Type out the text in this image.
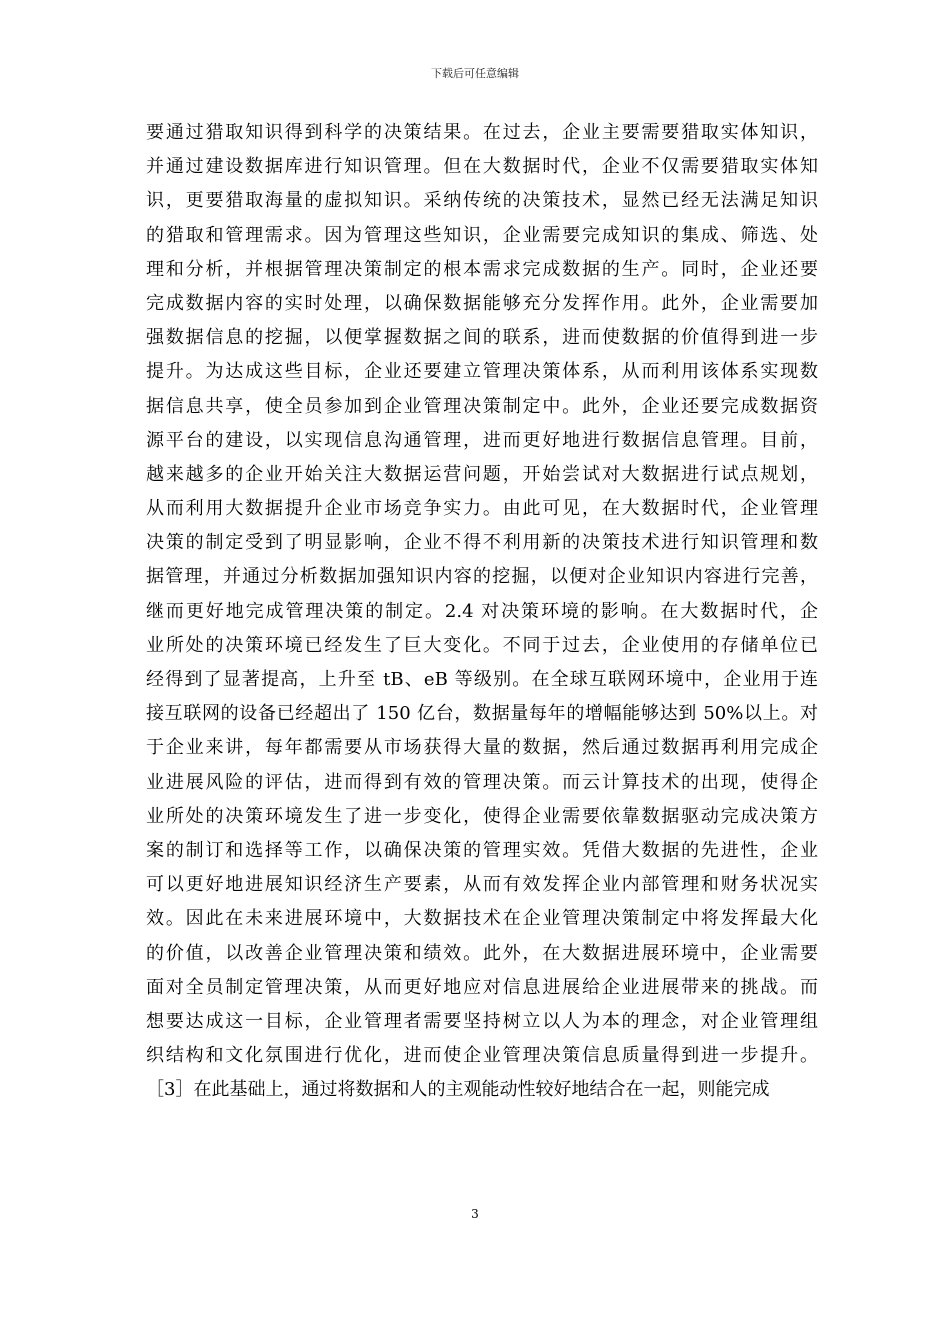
下载后可任意编辑
要通过猎取知识得到科学的决策结果。在过去，企业主要需要猎取实体知识，
并通过建设数据库进行知识管理。但在大数据时代，企业不仅需要猎取实体知
识，更要猎取海量的虚拟知识。采纳传统的决策技术，显然已经无法满足知识
的猎取和管理需求。因为管理这些知识，企业需要完成知识的集成、筛选、处
理和分析，并根据管理决策制定的根本需求完成数据的生产。同时，企业还要
完成数据内容的实时处理，以确保数据能够充分发挥作用。此外，企业需要加
强数据信息的挖掘，以便掌握数据之间的联系，进而使数据的价值得到进一步
提升。为达成这些目标，企业还要建立管理决策体系，从而利用该体系实现数
据信息共享，使全员参加到企业管理决策制定中。此外，企业还要完成数据资
源平台的建设，以实现信息沟通管理，进而更好地进行数据信息管理。目前，
越来越多的企业开始关注大数据运营问题，开始尝试对大数据进行试点规划，
从而利用大数据提升企业市场竞争实力。由此可见，在大数据时代，企业管理
决策的制定受到了明显影响，企业不得不利用新的决策技术进行知识管理和数
据管理，并通过分析数据加强知识内容的挖掘，以便对企业知识内容进行完善，
继而更好地完成管理决策的制定。2.4 对决策环境的影响。在大数据时代，企
业所处的决策环境已经发生了巨大变化。不同于过去，企业使用的存储单位已
经得到了显著提高，上升至 tB、eB 等级别。在全球互联网环境中，企业用于连
接互联网的设备已经超出了 150 亿台，数据量每年的增幅能够达到 50%以上。对
于企业来讲，每年都需要从市场获得大量的数据，然后通过数据再利用完成企
业进展风险的评估，进而得到有效的管理决策。而云计算技术的出现，使得企
业所处的决策环境发生了进一步变化，使得企业需要依靠数据驱动完成决策方
案的制订和选择等工作，以确保决策的管理实效。凭借大数据的先进性，企业
可以更好地进展知识经济生产要素，从而有效发挥企业内部管理和财务状况实
效。因此在未来进展环境中，大数据技术在企业管理决策制定中将发挥最大化
的价值，以改善企业管理决策和绩效。此外，在大数据进展环境中，企业需要
面对全员制定管理决策，从而更好地应对信息进展给企业进展带来的挑战。而
想要达成这一目标，企业管理者需要坚持树立以人为本的理念，对企业管理组
织结构和文化氛围进行优化，进而使企业管理决策信息质量得到进一步提升。
［3］在此基础上，通过将数据和人的主观能动性较好地结合在一起，则能完成
3
